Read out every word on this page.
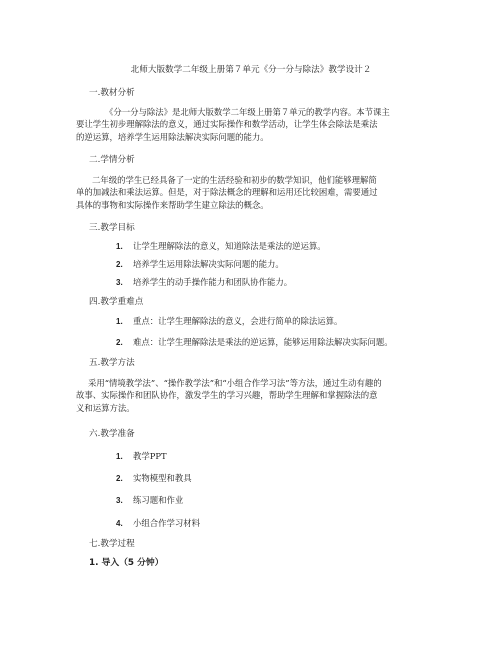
北师大版数学二年级上册第７单元《分一分与除法》教学设计２
一.教材分析
《分一分与除法》是北师大版数学二年级上册第７单元的教学内容。本节课主
要让学生初步理解除法的意义，通过实际操作和数学活动，让学生体会除法是乘法
的逆运算，培养学生运用除法解决实际问题的能力。
二.学情分析
二年级的学生已经具备了一定的生活经验和初步的数学知识，他们能够理解简
单的加减法和乘法运算。但是，对于除法概念的理解和运用还比较困难，需要通过
具体的事物和实际操作来帮助学生建立除法的概念。
三.教学目标
1. 让学生理解除法的意义，知道除法是乘法的逆运算。
2. 培养学生运用除法解决实际问题的能力。
3. 培养学生的动手操作能力和团队协作能力。
四.教学重难点
1. 重点：让学生理解除法的意义，会进行简单的除法运算。
2. 难点：让学生理解除法是乘法的逆运算，能够运用除法解决实际问题。
五.教学方法
采用“情境教学法”、“操作教学法”和“小组合作学习法”等方法，通过生动有趣的
故事、实际操作和团队协作，激发学生的学习兴趣，帮助学生理解和掌握除法的意
义和运算方法。
六.教学准备
1. 教学PPT
2. 实物模型和教具
3. 练习题和作业
4. 小组合作学习材料
七.教学过程
1. 导入（5 分钟）
